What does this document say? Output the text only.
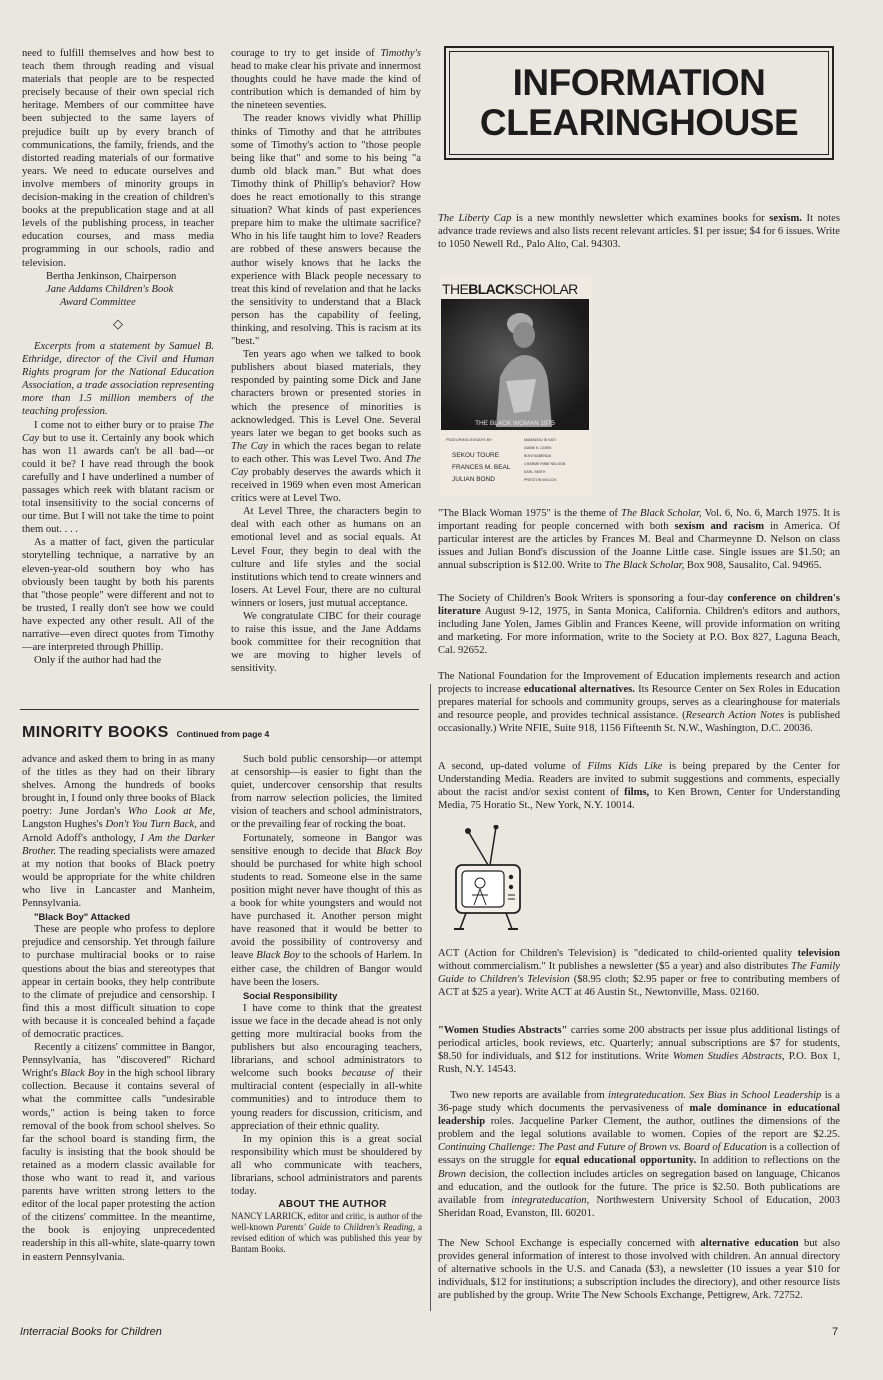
need to fulfill themselves and how best to teach them through reading and visual materials that people are to be respected precisely because of their own special rich heritage. Members of our committee have been subjected to the same layers of prejudice built up by every branch of communications, the family, friends, and the distorted reading materials of our formative years. We need to educate ourselves and involve members of minority groups in decision-making in the creation of children's books at the prepublication stage and at all levels of the publishing process, in teacher education courses, and mass media programming in our schools, radio and television.

Bertha Jenkinson, Chairperson
Jane Addams Children's Book
Award Committee
◇

Excerpts from a statement by Samuel B. Ethridge, director of the Civil and Human Rights program for the National Education Association, a trade association representing more than 1.5 million members of the teaching profession.

I come not to either bury or to praise The Cay but to use it. Certainly any book which has won 11 awards can't be all bad—or could it be? I have read through the book carefully and I have underlined a number of passages which reek with blatant racism or total insensitivity to the social concerns of our time. But I will not take the time to point them out. . . .

As a matter of fact, given the particular storytelling technique, a narrative by an eleven-year-old southern boy who has obviously been taught by both his parents that "those people" were different and not to be trusted, I really don't see how we could have expected any other result. All of the narrative—even direct quotes from Timothy—are interpreted through Phillip.

Only if the author had had the

courage to try to get inside of Timothy's head to make clear his private and innermost thoughts could he have made the kind of contribution which is demanded of him by the nineteen seventies.

The reader knows vividly what Phillip thinks of Timothy and that he attributes some of Timothy's action to "those people being like that" and some to his being "a dumb old black man." But what does Timothy think of Phillip's behavior? How does he react emotionally to this strange situation? What kinds of past experiences prepare him to make the ultimate sacrifice? Who in his life taught him to love? Readers are robbed of these answers because the author wisely knows that he lacks the experience with Black people necessary to treat this kind of revelation and that he lacks the sensitivity to understand that a Black person has the capability of feeling, thinking, and resolving. This is racism at its "best."

Ten years ago when we talked to book publishers about biased materials, they responded by painting some Dick and Jane characters brown or presented stories in which the presence of minorities is acknowledged. This is Level One. Several years later we began to get books such as The Cay in which the races began to relate to each other. This was Level Two. And The Cay probably deserves the awards which it received in 1969 when even most American critics were at Level Two.

At Level Three, the characters begin to deal with each other as humans on an emotional level and as social equals. At Level Four, they begin to deal with the culture and life styles and the social institutions which tend to create winners and losers. At Level Four, there are no cultural winners or losers, just mutual acceptance.

We congratulate CIBC for their courage to raise this issue, and the Jane Addams book committee for their recognition that we are moving to higher levels of sensitivity.

MINORITY BOOKS Continued from page 4

advance and asked them to bring in as many of the titles as they had on their library shelves. Among the hundreds of books brought in, I found only three books of Black poetry: June Jordan's Who Look at Me, Langston Hughes's Don't You Turn Back, and Arnold Adoff's anthology, I Am the Darker Brother. The reading specialists were amazed at my notion that books of Black poetry would be appropriate for the white children who live in Lancaster and Manheim, Pennsylvania.

"Black Boy" Attacked

These are people who profess to deplore prejudice and censorship. Yet through failure to purchase multiracial books or to raise questions about the bias and stereotypes that appear in certain books, they help contribute to the climate of prejudice and censorship. I find this a most difficult situation to cope with because it is concealed behind a façade of democratic practices.

Recently a citizens' committee in Bangor, Pennsylvania, has "discovered" Richard Wright's Black Boy in the high school library collection. Because it contains several of what the committee calls "undesirable words," action is being taken to force removal of the book from school shelves. So far the school board is standing firm, the faculty is insisting that the book should be retained as a modern classic available for those who want to read it, and various parents have written strong letters to the editor of the local paper protesting the action of the citizens' committee. In the meantime, the book is enjoying unprecedented readership in this all-white, slate-quarry town in eastern Pennsylvania.

Such bold public censorship—or attempt at censorship—is easier to fight than the quiet, undercover censorship that results from narrow selection policies, the limited vision of teachers and school administrators, or the prevailing fear of rocking the boat.

Fortunately, someone in Bangor was sensitive enough to decide that Black Boy should be purchased for white high school students to read. Someone else in the same position might never have thought of this as a book for white youngsters and would not have purchased it. Another person might have reasoned that it would be better to avoid the possibility of controversy and leave Black Boy to the schools of Harlem. In either case, the children of Bangor would have been the losers.

Social Responsibility

I have come to think that the greatest issue we face in the decade ahead is not only getting more multiracial books from the publishers but also encouraging teachers, librarians, and school administrators to welcome such books because of their multiracial content (especially in all-white communities) and to introduce them to young readers for discussion, criticism, and appreciation of their ethnic quality.

In my opinion this is a great social responsibility which must be shouldered by all who communicate with teachers, librarians, school administrators and parents today.

ABOUT THE AUTHOR

NANCY LARRICK, editor and critic, is author of the well-known Parents' Guide to Children's Reading, a revised edition of which was published this year by Bantam Books.

INFORMATION
CLEARINGHOUSE

The Liberty Cap is a new monthly newsletter which examines books for sexism. It notes advance trade reviews and also lists recent relevant articles. $1 per issue; $4 for 6 issues. Write to 1050 Newell Rd., Palo Alto, Cal. 94303.

THEBLACKSCHOLAR
THE BLACK WOMAN 1975
FEATURING ESSAYS BY
SEKOU TOURE
FRANCES M. BEAL
JULIAN BOND
MAMADOU SI KATI
DIANE K. LEWIS
BONI KABENDA
CHARMEYNNE NELSON
EARL SMITH
PRESTON WILCOX

"The Black Woman 1975" is the theme of The Black Scholar, Vol. 6, No. 6, March 1975. It is important reading for people concerned with both sexism and racism in America. Of particular interest are the articles by Frances M. Beal and Charmeynne D. Nelson on class issues and Julian Bond's discussion of the Joanne Little case. Single issues are $1.50; an annual subscription is $12.00. Write to The Black Scholar, Box 908, Sausalito, Cal. 94965.

The Society of Children's Book Writers is sponsoring a four-day conference on children's literature August 9-12, 1975, in Santa Monica, California. Children's editors and authors, including Jane Yolen, James Giblin and Frances Keene, will provide information on writing and marketing. For more information, write to the Society at P.O. Box 827, Laguna Beach, Cal. 92652.

The National Foundation for the Improvement of Education implements research and action projects to increase educational alternatives. Its Resource Center on Sex Roles in Education prepares material for schools and community groups, serves as a clearinghouse for materials and resource people, and provides technical assistance. (Research Action Notes is published occasionally.) Write NFIE, Suite 918, 1156 Fifteenth St. N.W., Washington, D.C. 20036.

A second, up-dated volume of Films Kids Like is being prepared by the Center for Understanding Media. Readers are invited to submit suggestions and comments, especially about the racist and/or sexist content of films, to Ken Brown, Center for Understanding Media, 75 Horatio St., New York, N.Y. 10014.

ACT (Action for Children's Television) is "dedicated to child-oriented quality television without commercialism." It publishes a newsletter ($5 a year) and also distributes The Family Guide to Children's Television ($8.95 cloth; $2.95 paper or free to contributing members of ACT at $25 a year). Write ACT at 46 Austin St., Newtonville, Mass. 02160.

"Women Studies Abstracts" carries some 200 abstracts per issue plus additional listings of periodical articles, book reviews, etc. Quarterly; annual subscriptions are $7 for students, $8.50 for individuals, and $12 for institutions. Write Women Studies Abstracts, P.O. Box 1, Rush, N.Y. 14543.

Two new reports are available from integrateducation. Sex Bias in School Leadership is a 36-page study which documents the pervasiveness of male dominance in educational leadership roles. Jacqueline Parker Clement, the author, outlines the dimensions of the problem and the legal solutions available to women. Copies of the report are $2.25. Continuing Challenge: The Past and Future of Brown vs. Board of Education is a collection of essays on the struggle for equal educational opportunity. In addition to reflections on the Brown decision, the collection includes articles on segregation based on language, Chicanos and education, and the outlook for the future. The price is $2.50. Both publications are available from integrateducation, Northwestern University School of Education, 2003 Sheridan Road, Evanston, Ill. 60201.

The New School Exchange is especially concerned with alternative education but also provides general information of interest to those involved with children. An annual directory of alternative schools in the U.S. and Canada ($3), a newsletter (10 issues a year $10 for individuals, $12 for institutions; a subscription includes the directory), and other resource lists are published by the group. Write The New Schools Exchange, Pettigrew, Ark. 72752.

Interracial Books for Children	7
